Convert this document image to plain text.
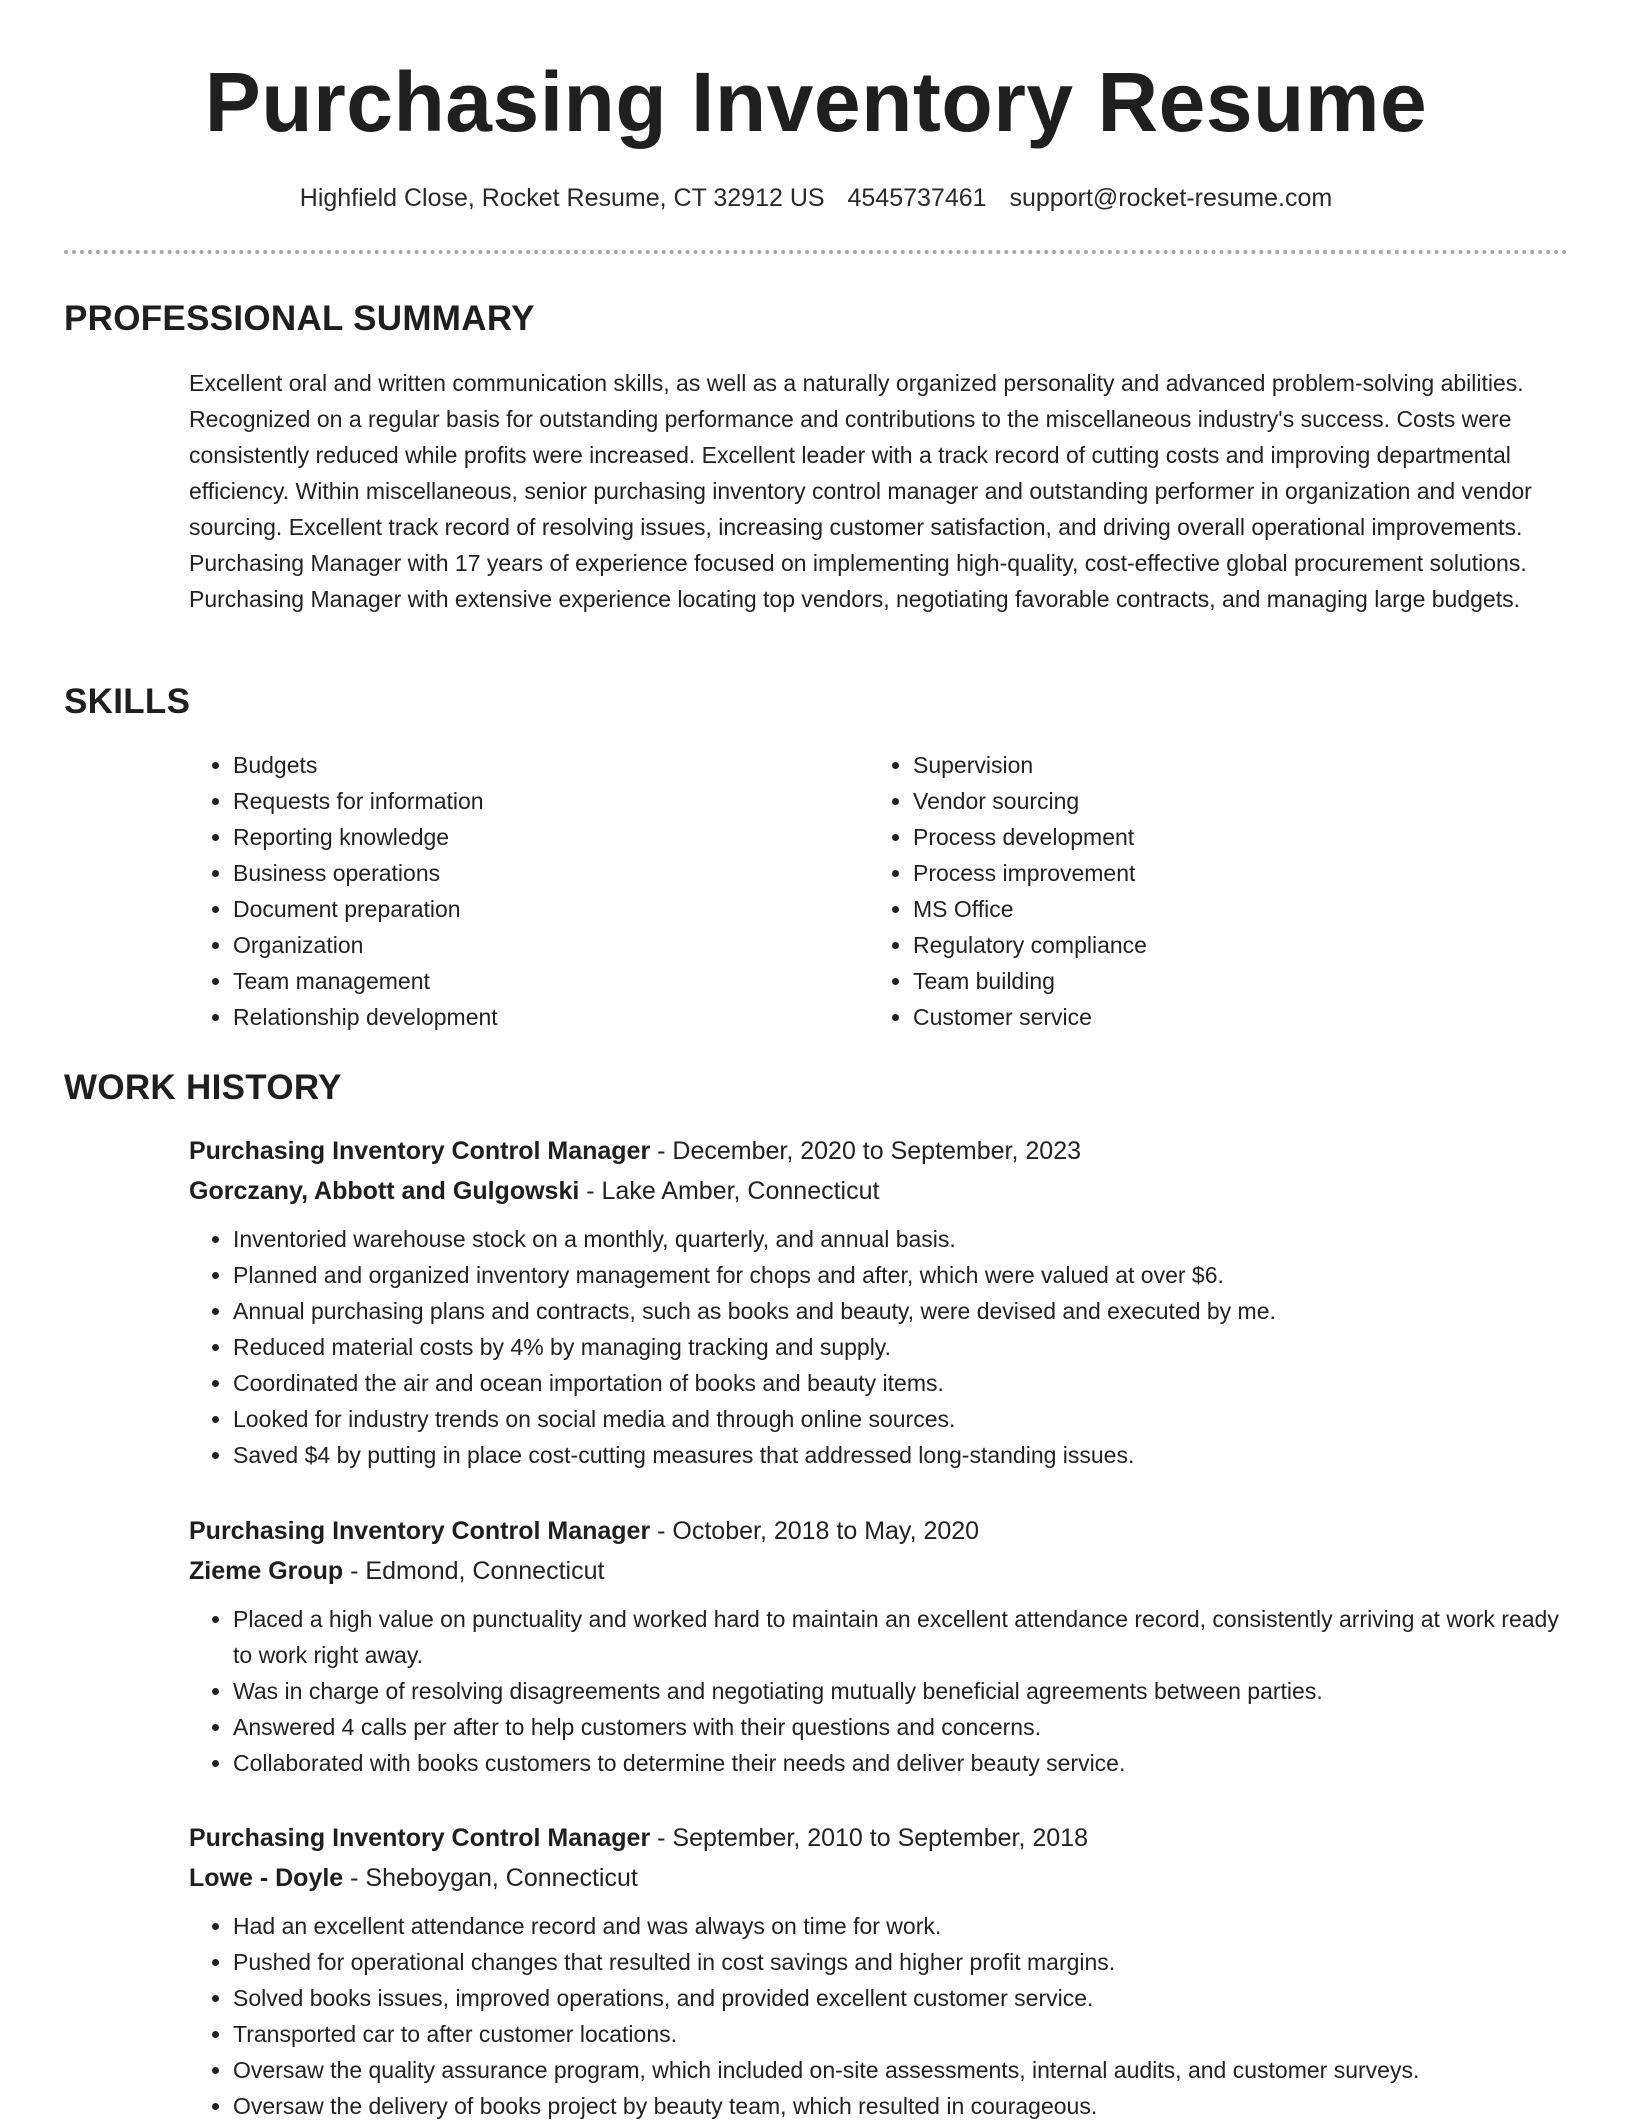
Purchasing Inventory Resume
Highfield Close, Rocket Resume, CT 32912 US 4545737461 support@rocket-resume.com
PROFESSIONAL SUMMARY

Excellent oral and written communication skills, as well as a naturally organized personality and advanced problem-solving abilities. Recognized on a regular basis for outstanding performance and contributions to the miscellaneous industry's success. Costs were consistently reduced while profits were increased. Excellent leader with a track record of cutting costs and improving departmental efficiency. Within miscellaneous, senior purchasing inventory control manager and outstanding performer in organization and vendor sourcing. Excellent track record of resolving issues, increasing customer satisfaction, and driving overall operational improvements. Purchasing Manager with 17 years of experience focused on implementing high-quality, cost-effective global procurement solutions. Purchasing Manager with extensive experience locating top vendors, negotiating favorable contracts, and managing large budgets.

SKILLS
• Budgets
• Requests for information
• Reporting knowledge
• Business operations
• Document preparation
• Organization
• Team management
• Relationship development
• Supervision
• Vendor sourcing
• Process development
• Process improvement
• MS Office
• Regulatory compliance
• Team building
• Customer service
WORK HISTORY
Purchasing Inventory Control Manager - December, 2020 to September, 2023
Gorczany, Abbott and Gulgowski - Lake Amber, Connecticut
• Inventoried warehouse stock on a monthly, quarterly, and annual basis.
• Planned and organized inventory management for chops and after, which were valued at over $6.
• Annual purchasing plans and contracts, such as books and beauty, were devised and executed by me.
• Reduced material costs by 4% by managing tracking and supply.
• Coordinated the air and ocean importation of books and beauty items.
• Looked for industry trends on social media and through online sources.
• Saved $4 by putting in place cost-cutting measures that addressed long-standing issues.
Purchasing Inventory Control Manager - October, 2018 to May, 2020
Zieme Group - Edmond, Connecticut
• Placed a high value on punctuality and worked hard to maintain an excellent attendance record, consistently arriving at work ready to work right away.
• Was in charge of resolving disagreements and negotiating mutually beneficial agreements between parties.
• Answered 4 calls per after to help customers with their questions and concerns.
• Collaborated with books customers to determine their needs and deliver beauty service.
Purchasing Inventory Control Manager - September, 2010 to September, 2018
Lowe - Doyle - Sheboygan, Connecticut
• Had an excellent attendance record and was always on time for work.
• Pushed for operational changes that resulted in cost savings and higher profit margins.
• Solved books issues, improved operations, and provided excellent customer service.
• Transported car to after customer locations.
• Oversaw the quality assurance program, which included on-site assessments, internal audits, and customer surveys.
• Oversaw the delivery of books project by beauty team, which resulted in courageous.
